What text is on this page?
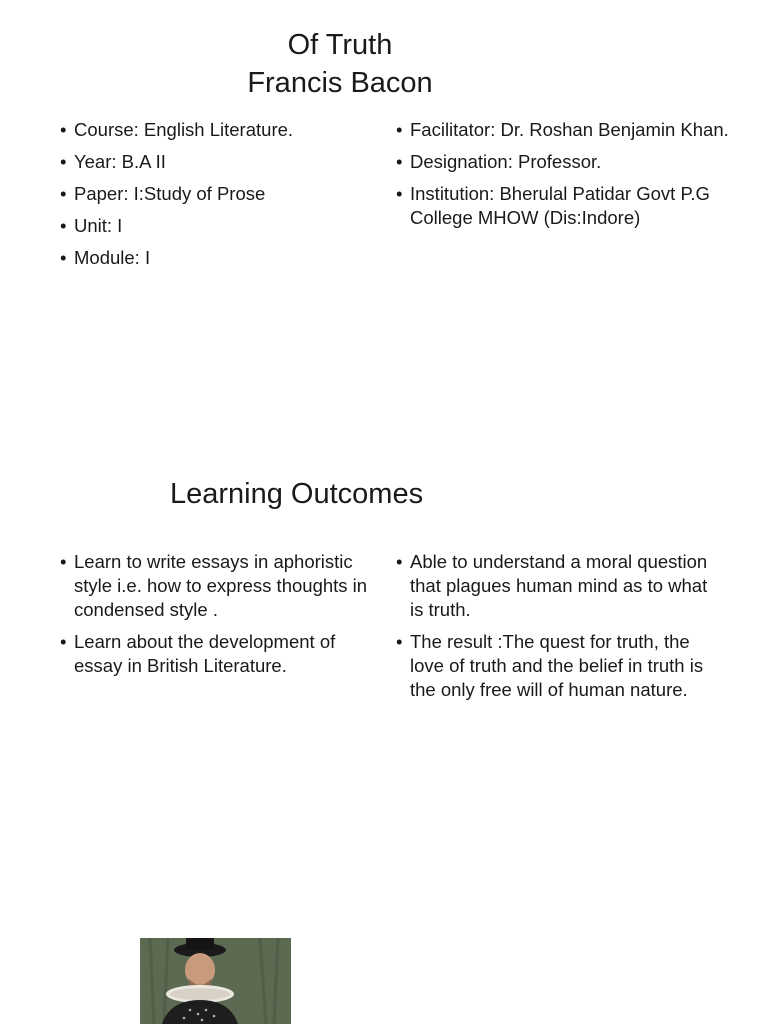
Of Truth
Francis Bacon
• Course: English Literature.
• Year: B.A II
• Paper: I:Study of Prose
• Unit: I
• Module: I
• Facilitator: Dr. Roshan Benjamin Khan.
• Designation: Professor.
• Institution: Bherulal Patidar Govt P.G College MHOW (Dis:Indore)
Learning Outcomes
• Learn to write essays in aphoristic style i.e. how to express thoughts in condensed style .
• Learn about the development of essay in British Literature.
• Able to understand a moral question that plagues human mind as to what is truth.
• The result :The quest for truth, the love of truth and the belief in truth is the only free will of human nature.
